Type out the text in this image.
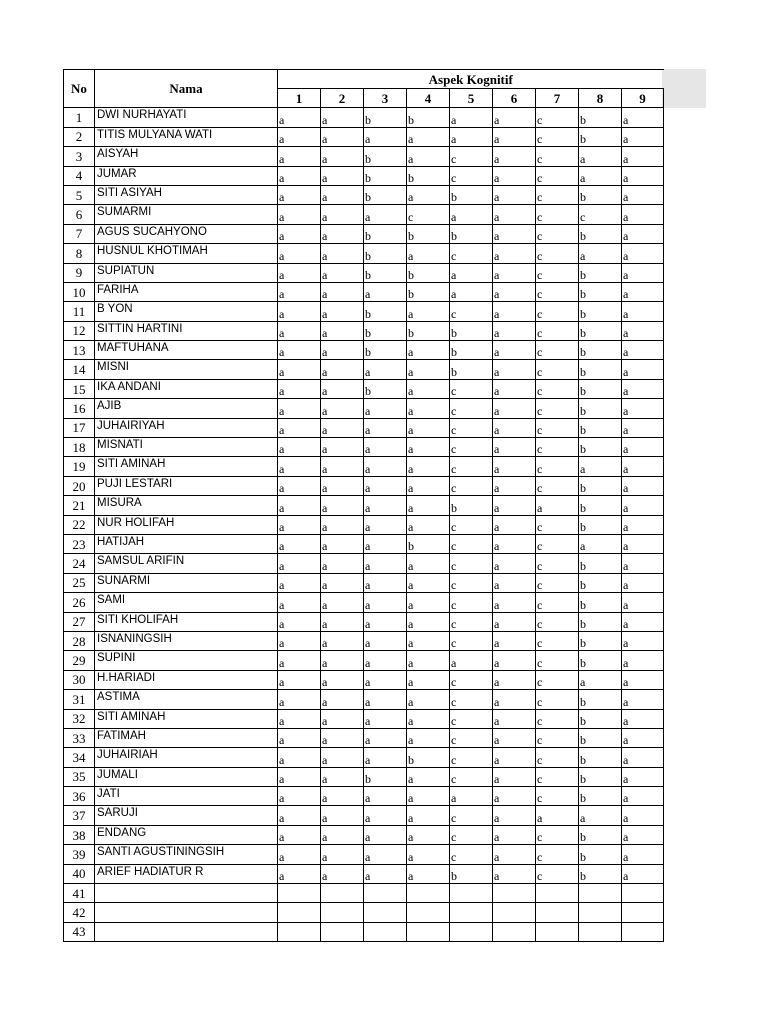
No	Nama	Aspek Kognitif								
		1	2	3	4	5	6	7	8	9
1	DWI NURHAYATI	a	a	b	b	a	a	c	b	a
2	TITIS MULYANA WATI	a	a	a	a	a	a	c	b	a
3	AISYAH	a	a	b	a	c	a	c	a	a
4	JUMAR	a	a	b	b	c	a	c	a	a
5	SITI ASIYAH	a	a	b	a	b	a	c	b	a
6	SUMARMI	a	a	a	c	a	a	c	c	a
7	AGUS SUCAHYONO	a	a	b	b	b	a	c	b	a
8	HUSNUL KHOTIMAH	a	a	b	a	c	a	c	a	a
9	SUPIATUN	a	a	b	b	a	a	c	b	a
10	FARIHA	a	a	a	b	a	a	c	b	a
11	B YON	a	a	b	a	c	a	c	b	a
12	SITTIN HARTINI	a	a	b	b	b	a	c	b	a
13	MAFTUHANA	a	a	b	a	b	a	c	b	a
14	MISNI	a	a	a	a	b	a	c	b	a
15	IKA ANDANI	a	a	b	a	c	a	c	b	a
16	AJIB	a	a	a	a	c	a	c	b	a
17	JUHAIRIYAH	a	a	a	a	c	a	c	b	a
18	MISNATI	a	a	a	a	c	a	c	b	a
19	SITI AMINAH	a	a	a	a	c	a	c	a	a
20	PUJI LESTARI	a	a	a	a	c	a	c	b	a
21	MISURA	a	a	a	a	b	a	a	b	a
22	NUR HOLIFAH	a	a	a	a	c	a	c	b	a
23	HATIJAH	a	a	a	b	c	a	c	a	a
24	SAMSUL ARIFIN	a	a	a	a	c	a	c	b	a
25	SUNARMI	a	a	a	a	c	a	c	b	a
26	SAMI	a	a	a	a	c	a	c	b	a
27	SITI KHOLIFAH	a	a	a	a	c	a	c	b	a
28	ISNANINGSIH	a	a	a	a	c	a	c	b	a
29	SUPINI	a	a	a	a	a	a	c	b	a
30	H.HARIADI	a	a	a	a	c	a	c	a	a
31	ASTIMA	a	a	a	a	c	a	c	b	a
32	SITI AMINAH	a	a	a	a	c	a	c	b	a
33	FATIMAH	a	a	a	a	c	a	c	b	a
34	JUHAIRIAH	a	a	a	b	c	a	c	b	a
35	JUMALI	a	a	b	a	c	a	c	b	a
36	JATI	a	a	a	a	a	a	c	b	a
37	SARUJI	a	a	a	a	c	a	a	a	a
38	ENDANG	a	a	a	a	c	a	c	b	a
39	SANTI AGUSTININGSIH	a	a	a	a	c	a	c	b	a
40	ARIEF HADIATUR R	a	a	a	a	b	a	c	b	a
41										
42										
43										
